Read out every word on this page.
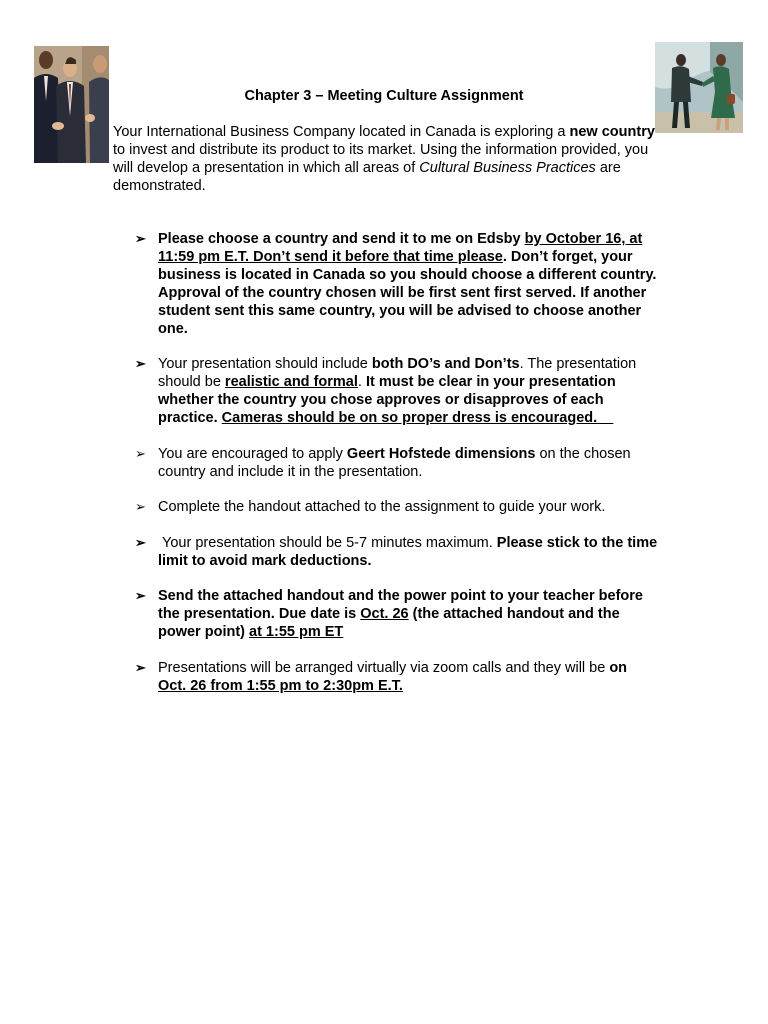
Chapter 3 – Meeting Culture Assignment
Your International Business Company located in Canada is exploring a new country to invest and distribute its product to its market. Using the information provided, you will develop a presentation in which all areas of Cultural Business Practices are demonstrated.
➢ Please choose a country and send it to me on Edsby by October 16, at 11:59 pm E.T. Don’t send it before that time please. Don’t forget, your business is located in Canada so you should choose a different country. Approval of the country chosen will be first sent first served. If another student sent this same country, you will be advised to choose another one.
➢ Your presentation should include both DO’s and Don’ts. The presentation should be realistic and formal. It must be clear in your presentation whether the country you chose approves or disapproves of each practice. Cameras should be on so proper dress is encouraged.
➢ You are encouraged to apply Geert Hofstede dimensions on the chosen country and include it in the presentation.
➢ Complete the handout attached to the assignment to guide your work.
➢ Your presentation should be 5-7 minutes maximum. Please stick to the time limit to avoid mark deductions.
➢ Send the attached handout and the power point to your teacher before the presentation. Due date is Oct. 26 (the attached handout and the power point) at 1:55 pm ET
➢ Presentations will be arranged virtually via zoom calls and they will be on
Oct. 26 from 1:55 pm to 2:30pm E.T.
